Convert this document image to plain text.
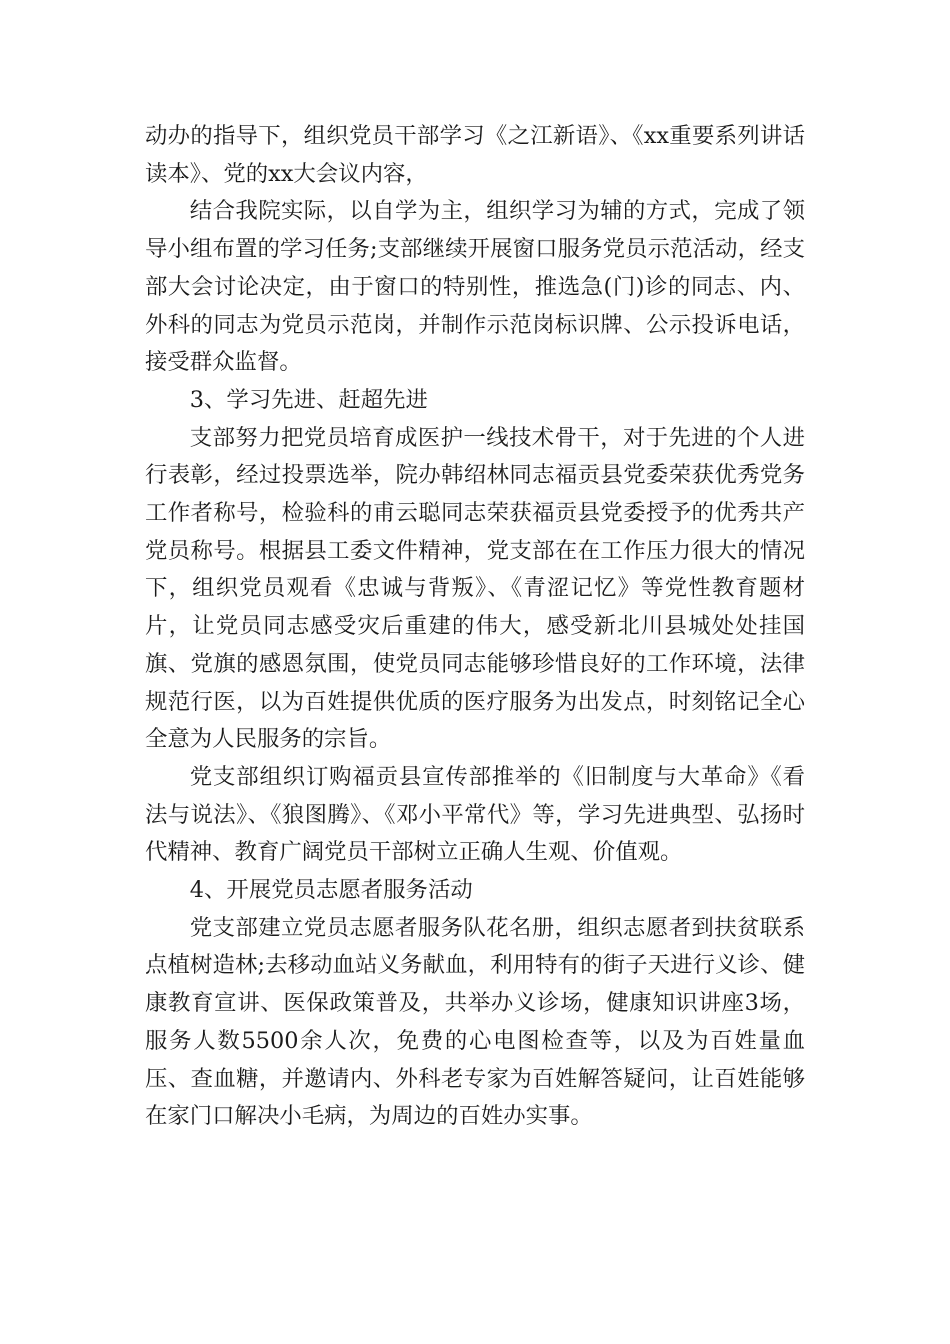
动办的指导下，组织党员干部学习《之江新语》、《xx重要系列讲话读本》、党的xx大会议内容，

结合我院实际，以自学为主，组织学习为辅的方式，完成了领导小组布置的学习任务;支部继续开展窗口服务党员示范活动，经支部大会讨论决定，由于窗口的特别性，推选急(门)诊的同志、内、外科的同志为党员示范岗，并制作示范岗标识牌、公示投诉电话，接受群众监督。

3、学习先进、赶超先进

支部努力把党员培育成医护一线技术骨干，对于先进的个人进行表彰，经过投票选举，院办韩绍林同志福贡县党委荣获优秀党务工作者称号，检验科的甫云聪同志荣获福贡县党委授予的优秀共产党员称号。根据县工委文件精神，党支部在在工作压力很大的情况下，组织党员观看《忠诚与背叛》、《青涩记忆》等党性教育题材片，让党员同志感受灾后重建的伟大，感受新北川县城处处挂国旗、党旗的感恩氛围，使党员同志能够珍惜良好的工作环境，法律规范行医，以为百姓提供优质的医疗服务为出发点，时刻铭记全心全意为人民服务的宗旨。

党支部组织订购福贡县宣传部推举的《旧制度与大革命》《看法与说法》、《狼图腾》、《邓小平常代》等，学习先进典型、弘扬时代精神、教育广阔党员干部树立正确人生观、价值观。

4、开展党员志愿者服务活动

党支部建立党员志愿者服务队花名册，组织志愿者到扶贫联系点植树造林;去移动血站义务献血，利用特有的街子天进行义诊、健康教育宣讲、医保政策普及，共举办义诊场，健康知识讲座3场，服务人数5500余人次，免费的心电图检查等，以及为百姓量血压、查血糖，并邀请内、外科老专家为百姓解答疑问，让百姓能够在家门口解决小毛病，为周边的百姓办实事。
